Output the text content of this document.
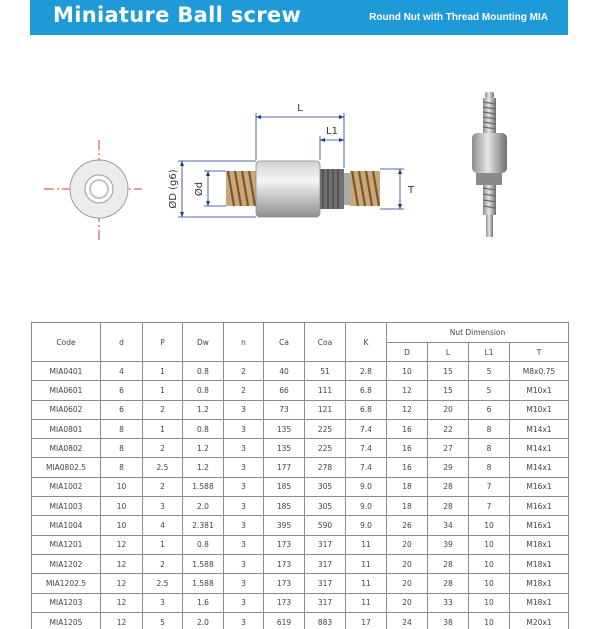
Miniature Ball screw	Round Nut with Thread Mounting MIA
L
L1
ØD (g6) Ød	T
Code	d	P	Dw	n	Ca	Coa	K	Nut Dimension			
								D	L	L1	T
MIA0401	4	1	0.8	2	40	51	2.8	10	15	5	M8x0.75
MIA0601	6	1	0.8	2	66	111	6.8	12	15	5	M10x1
MIA0602	6	2	1.2	3	73	121	6.8	12	20	6	M10x1
MIA0801	8	1	0.8	3	135	225	7.4	16	22	8	M14x1
MIA0802	8	2	1.2	3	135	225	7.4	16	27	8	M14x1
MIA0802.5	8	2.5	1.2	3	177	278	7.4	16	29	8	M14x1
MIA1002	10	2	1.588	3	185	305	9.0	18	28	7	M16x1
MIA1003	10	3	2.0	3	185	305	9.0	18	28	7	M16x1
MIA1004	10	4	2.381	3	395	590	9.0	26	34	10	M16x1
MIA1201	12	1	0.8	3	173	317	11	20	39	10	M18x1
MIA1202	12	2	1.588	3	173	317	11	20	28	10	M18x1
MIA1202.5	12	2.5	1.588	3	173	317	11	20	28	10	M18x1
MIA1203	12	3	1.6	3	173	317	11	20	33	10	M18x1
MIA1205	12	5	2.0	3	619	883	17	24	38	10	M20x1
